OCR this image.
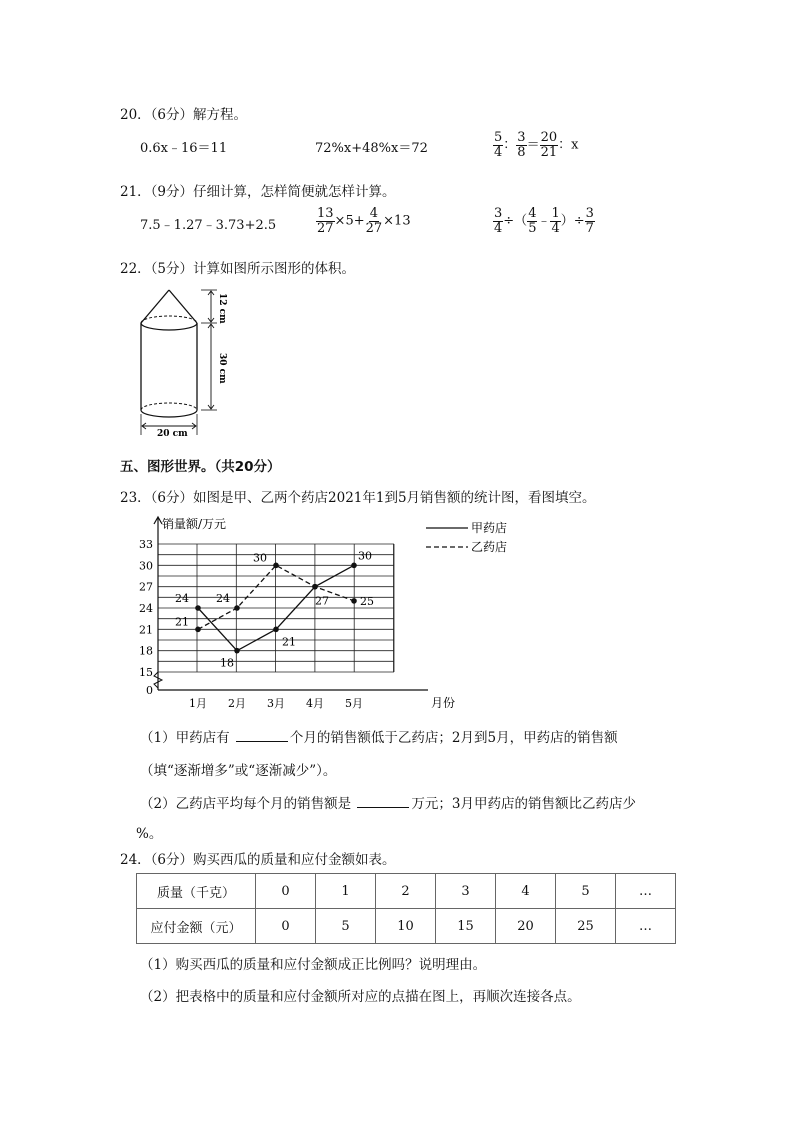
20．（6分）解方程。
0.6x﹣16＝11	72%x+48%x＝72	$\frac{5}{4}$ ： $\frac{3}{8} = \frac{20}{21}$ ：x
21．（9分）仔细计算，怎样简便就怎样计算。
7.5﹣1.27﹣3.73+2.5	$\frac{13}{27} \times 5+ \frac{4}{27} \times 13$	$\frac{3}{4}$ ÷（ $\frac{4}{5}$ ﹣ $\frac{1}{4}$ ）÷ $\frac{3}{7}$
22．（5分）计算如图所示图形的体积。
12 cm
30 cm
20 cm
五、图形世界。（共20分）
23．（6分）如图是甲、乙两个药店2021年1到5月销售额的统计图，看图填空。
销量额/万元
月份
0
15
18
21
24
27
30
33
1月 2月 3月 4月 5月
24
18
21
27
30
21
24
30
25
甲药店
乙药店
（1）甲药店有	个月的销售额低于乙药店；2月到5月，甲药店的销售额
（填“逐渐增多”或“逐渐减少”）。
（2）乙药店平均每个月的销售额是	万元；3月甲药店的销售额比乙药店少
%。
24．（6分）购买西瓜的质量和应付金额如表。
质量（千克）	0	1	2	3	4	5	…
应付金额（元）	0	5	10	15	20	25	…
（1）购买西瓜的质量和应付金额成正比例吗？说明理由。
（2）把表格中的质量和应付金额所对应的点描在图上，再顺次连接各点。
